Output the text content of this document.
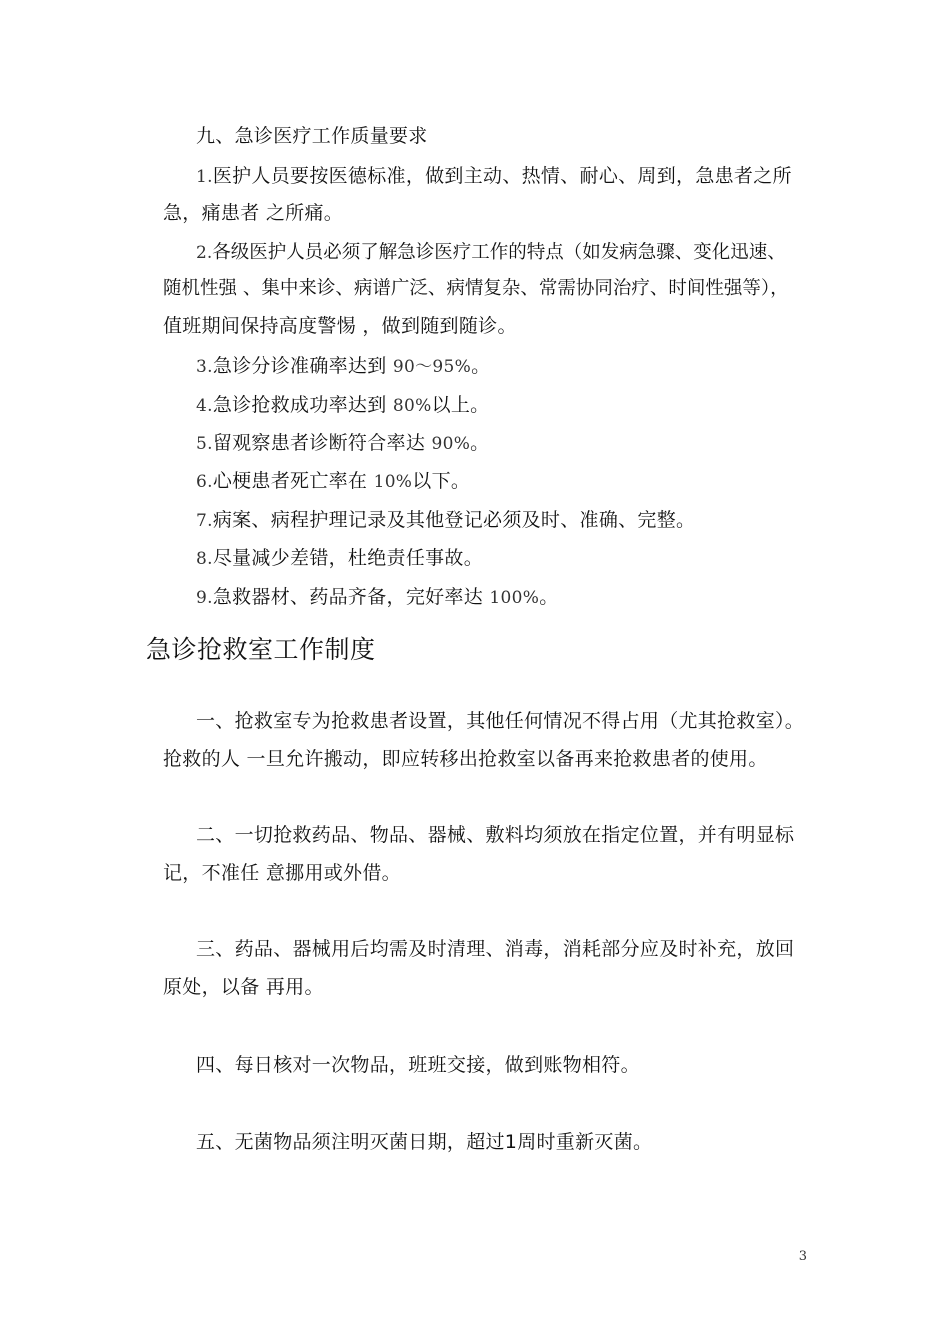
九、急诊医疗工作质量要求
1.医护人员要按医德标准，做到主动、热情、耐心、周到，急患者之所
急，痛患者 之所痛。
2.各级医护人员必须了解急诊医疗工作的特点（如发病急骤、变化迅速、
随机性强 、集中来诊、病谱广泛、病情复杂、常需协同治疗、时间性强等），
值班期间保持高度警惕 ，做到随到随诊。
3.急诊分诊准确率达到 90～95%。
4.急诊抢救成功率达到 80%以上。
5.留观察患者诊断符合率达 90%。
6.心梗患者死亡率在 10%以下。
7.病案、病程护理记录及其他登记必须及时、准确、完整。
8.尽量减少差错，杜绝责任事故。
9.急救器材、药品齐备，完好率达 100%。
急诊抢救室工作制度
一、抢救室专为抢救患者设置，其他任何情况不得占用（尤其抢救室）。
抢救的人 一旦允许搬动，即应转移出抢救室以备再来抢救患者的使用。
二、一切抢救药品、物品、器械、敷料均须放在指定位置，并有明显标
记，不准任 意挪用或外借。
三、药品、器械用后均需及时清理、消毒，消耗部分应及时补充，放回
原处，以备 再用。
四、每日核对一次物品，班班交接，做到账物相符。
五、无菌物品须注明灭菌日期，超过1周时重新灭菌。
3
